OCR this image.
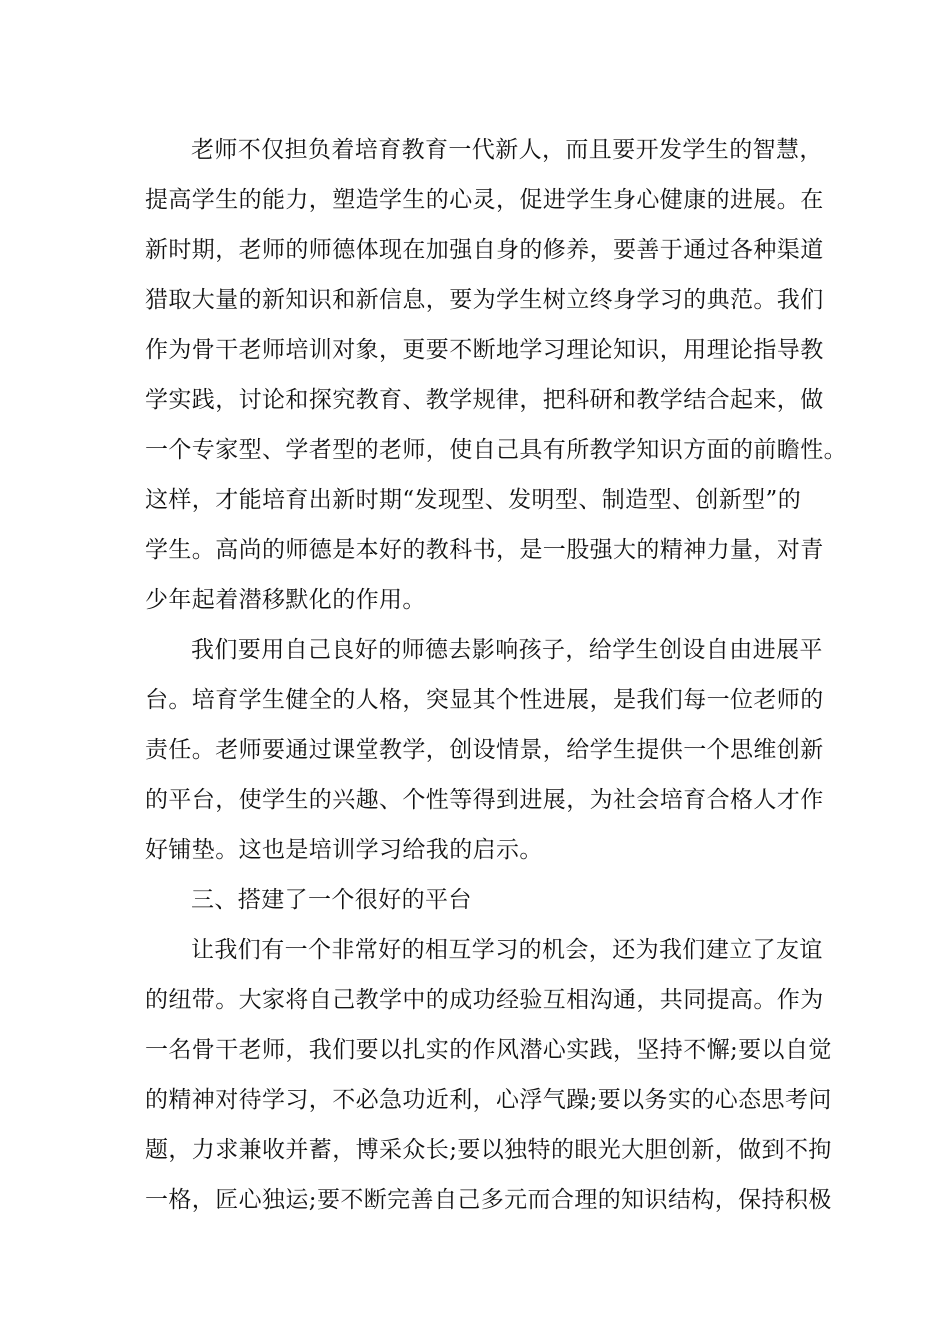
老师不仅担负着培育教育一代新人，而且要开发学生的智慧，
提高学生的能力，塑造学生的心灵，促进学生身心健康的进展。在
新时期，老师的师德体现在加强自身的修养，要善于通过各种渠道
猎取大量的新知识和新信息，要为学生树立终身学习的典范。我们
作为骨干老师培训对象，更要不断地学习理论知识，用理论指导教
学实践，讨论和探究教育、教学规律，把科研和教学结合起来，做
一个专家型、学者型的老师，使自己具有所教学知识方面的前瞻性。
这样，才能培育出新时期“发现型、发明型、制造型、创新型”的
学生。高尚的师德是本好的教科书，是一股强大的精神力量，对青
少年起着潜移默化的作用。
我们要用自己良好的师德去影响孩子，给学生创设自由进展平
台。培育学生健全的人格，突显其个性进展，是我们每一位老师的
责任。老师要通过课堂教学，创设情景，给学生提供一个思维创新
的平台，使学生的兴趣、个性等得到进展，为社会培育合格人才作
好铺垫。这也是培训学习给我的启示。
三、搭建了一个很好的平台
让我们有一个非常好的相互学习的机会，还为我们建立了友谊
的纽带。大家将自己教学中的成功经验互相沟通，共同提高。作为
一名骨干老师，我们要以扎实的作风潜心实践，坚持不懈;要以自觉
的精神对待学习，不必急功近利，心浮气躁;要以务实的心态思考问
题，力求兼收并蓄，博采众长;要以独特的眼光大胆创新，做到不拘
一格，匠心独运;要不断完善自己多元而合理的知识结构，保持积极
